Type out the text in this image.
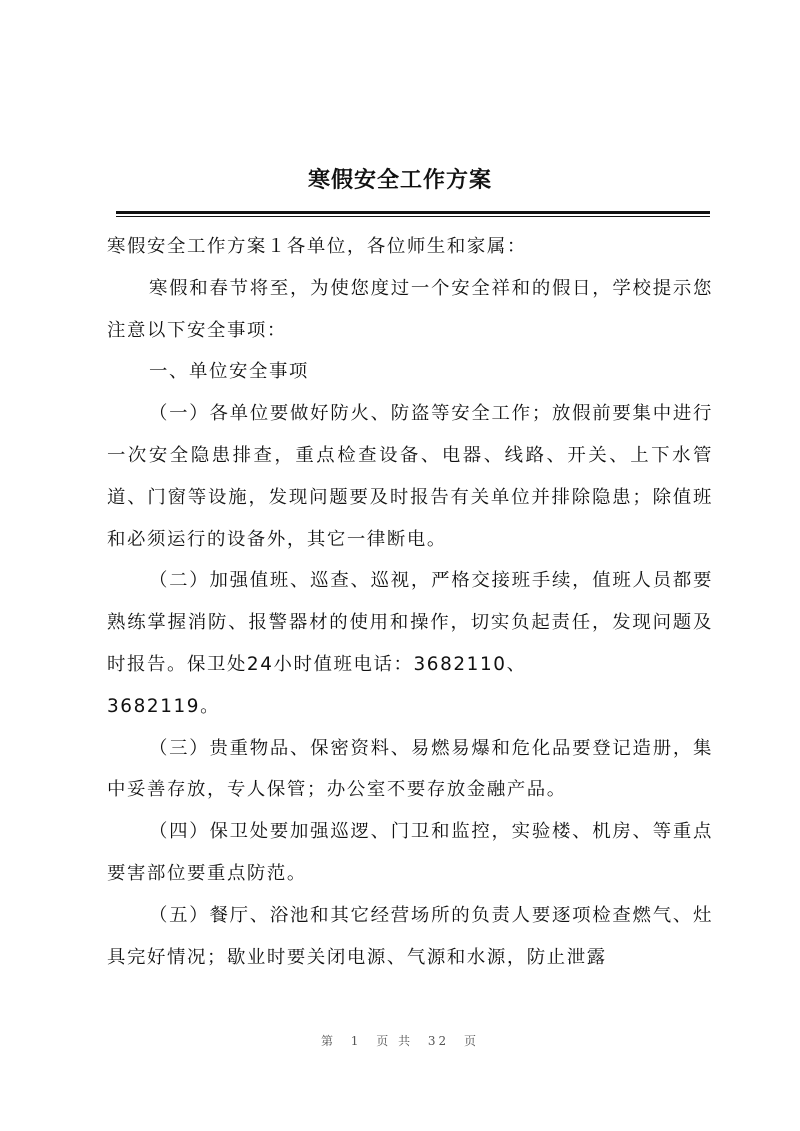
寒假安全工作方案

寒假安全工作方案１各单位，各位师生和家属：

寒假和春节将至，为使您度过一个安全祥和的假日，学校提示您注意以下安全事项：

一、单位安全事项

（一）各单位要做好防火、防盗等安全工作；放假前要集中进行一次安全隐患排查，重点检查设备、电器、线路、开关、上下水管道、门窗等设施，发现问题要及时报告有关单位并排除隐患；除值班和必须运行的设备外，其它一律断电。

（二）加强值班、巡查、巡视，严格交接班手续，值班人员都要熟练掌握消防、报警器材的使用和操作，切实负起责任，发现问题及时报告。保卫处24小时值班电话：3682110、

3682119。

（三）贵重物品、保密资料、易燃易爆和危化品要登记造册，集中妥善存放，专人保管；办公室不要存放金融产品。

（四）保卫处要加强巡逻、门卫和监控，实验楼、机房、等重点要害部位要重点防范。

（五）餐厅、浴池和其它经营场所的负责人要逐项检查燃气、灶具完好情况；歇业时要关闭电源、气源和水源，防止泄露

第 1 页 共 32 页
